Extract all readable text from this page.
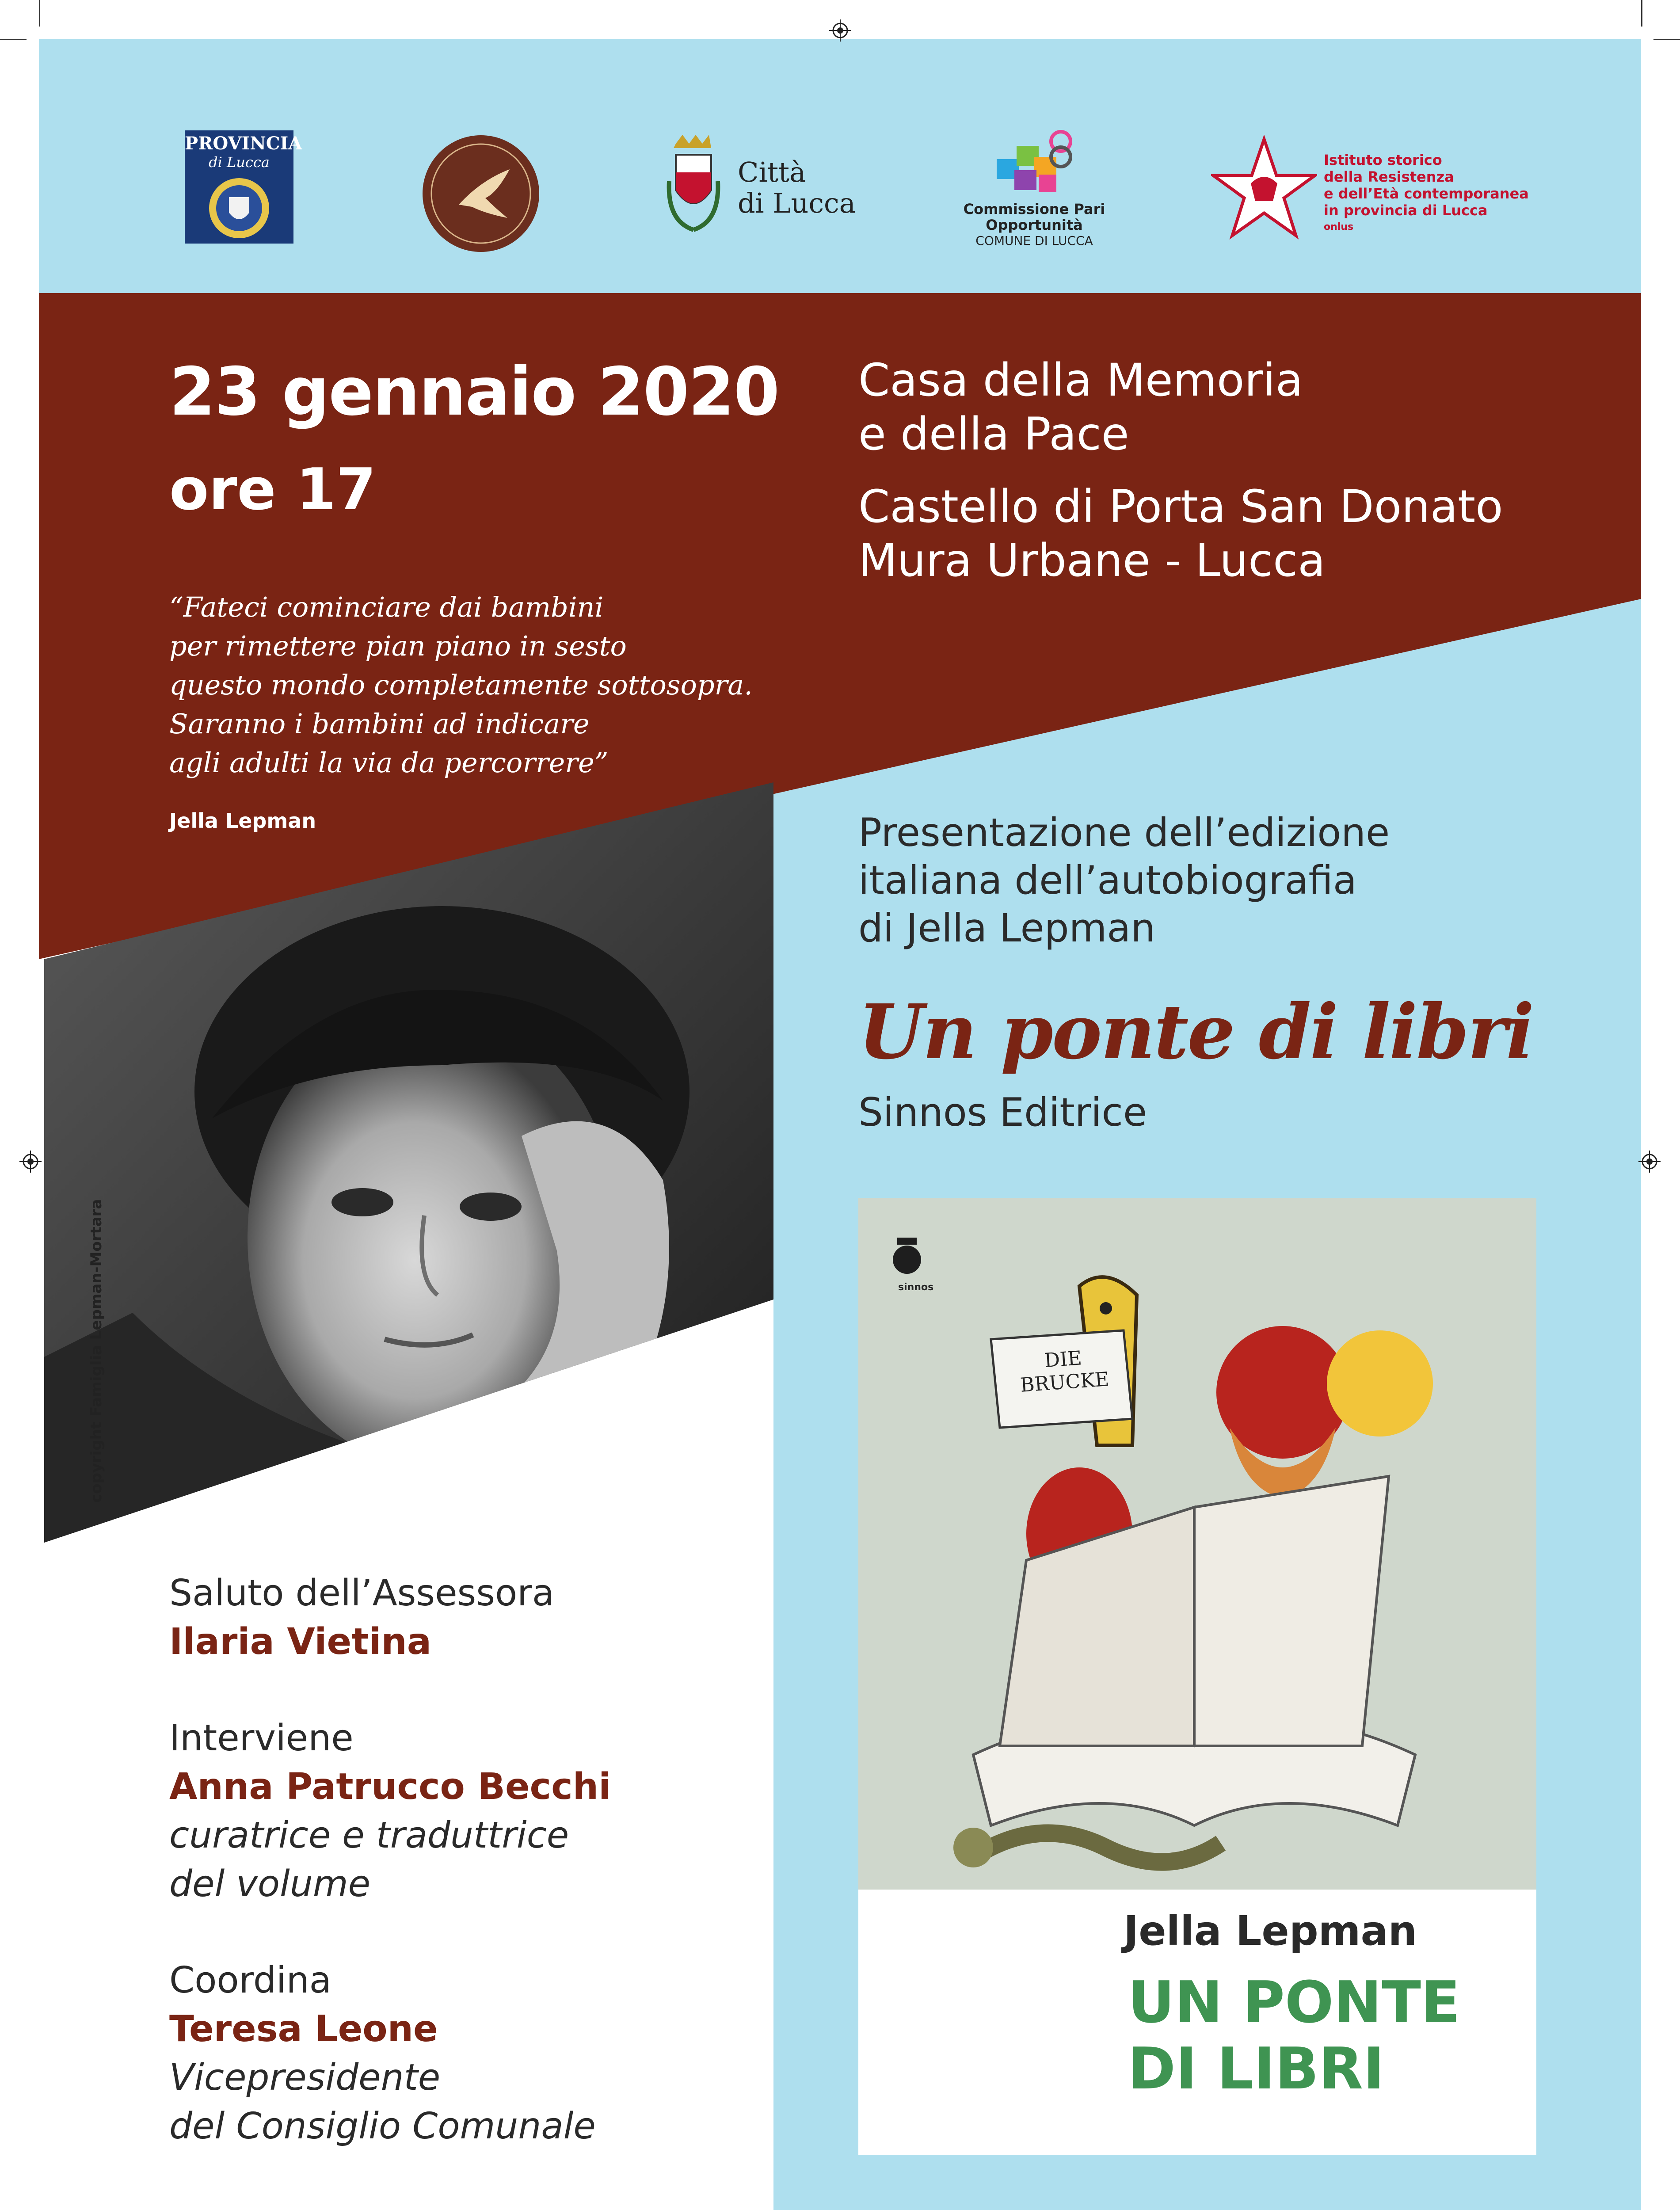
PROVINCIA
di Lucca	Città
di Lucca	Commissione Pari
Opportunità
COMUNE DI LUCCA
Istituto storico
della Resistenza
e dell’Età contemporanea
in provincia di Lucca
onlus
23 gennaio 2020
ore 17
Casa della Memoria
e della Pace
Castello di Porta San Donato
Mura Urbane - Lucca
“Fateci cominciare dai bambini
per rimettere pian piano in sesto
questo mondo completamente sottosopra.
Saranno i bambini ad indicare
agli adulti la via da percorrere”
Jella Lepman
copyright Famiglia Lepman-Mortara
Presentazione dell’edizione
italiana dell’autobiografia
di Jella Lepman
Un ponte di libri
Sinnos Editrice
Saluto dell’Assessora
Ilaria Vietina
Interviene
Anna Patrucco Becchi
curatrice e traduttrice
del volume
Coordina
Teresa Leone
Vicepresidente
del Consiglio Comunale
sinnos
DIE
BRUCKE
Jella Lepman
UN PONTE
DI LIBRI
